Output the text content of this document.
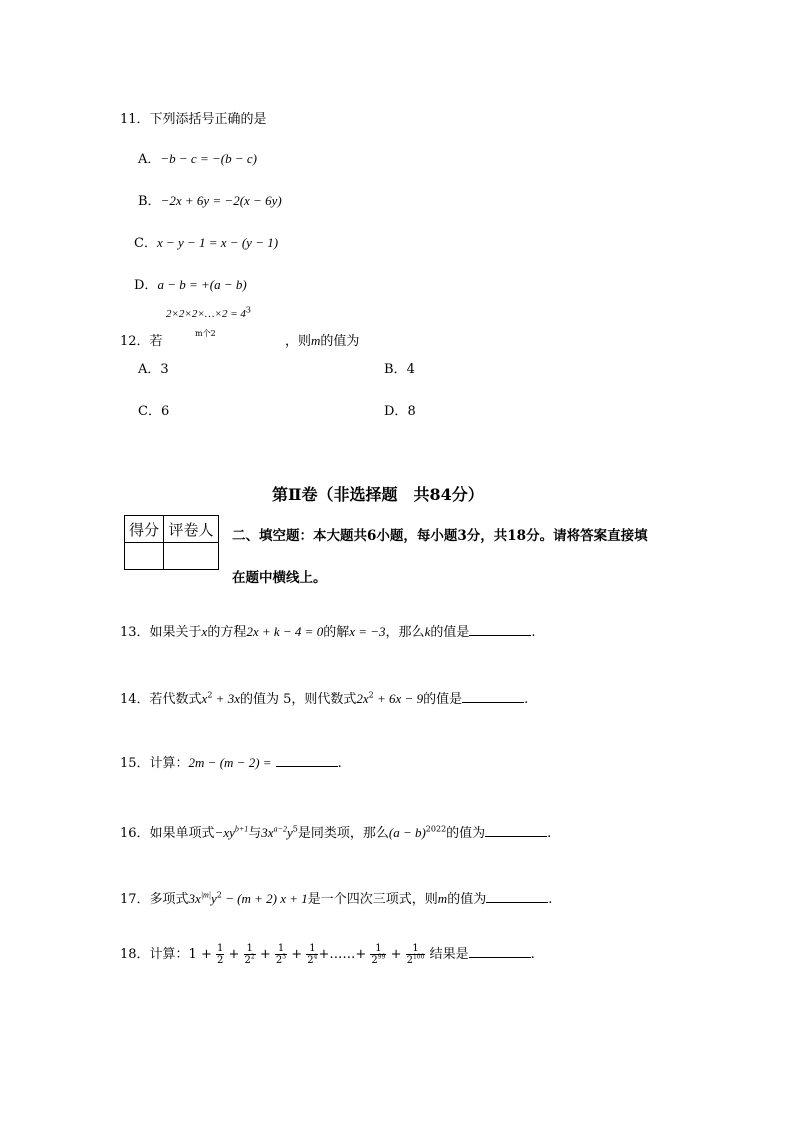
11．下列添括号正确的是
A．−b − c = −(b − c)
B．−2x + 6y = −2(x − 6y)
C．x − y − 1 = x − (y − 1)
D．a − b = +(a − b)
2×2×2×…×2 = $4^3$
m个2
12．若	，则m的值为
A．3	B．4
C．6	D．8
第Ⅱ卷（非选择题　共84分）
得分	评卷人
	二、填空题：本大题共6小题，每小题3分，共18分。请将答案直接填
在题中横线上。
13．如果关于x的方程2x + k − 4 = 0的解x = −3，那么k的值是	.
14．若代数式$x^2 + 3x$的值为 5，则代数式$2x^2 + 6x - 9$的值是	.
15．计算：2m − (m − 2) =	.
16．如果单项式$-xy^{b+1}$与$3x^{a-2}y^5$是同类项，那么$(a - b)^{2022}$的值为	.
17．多项式$3x^{|m|}y^2 - (m + 2) x + 1$是一个四次三项式，则m的值为	.
18．计算：$1 + \frac{1}{2} + \frac{1}{2^2} + \frac{1}{2^3} + \frac{1}{2^4}$ +……+ $\frac{1}{2^{99}} + \frac{1}{2^{100}}$ 结果是	.
